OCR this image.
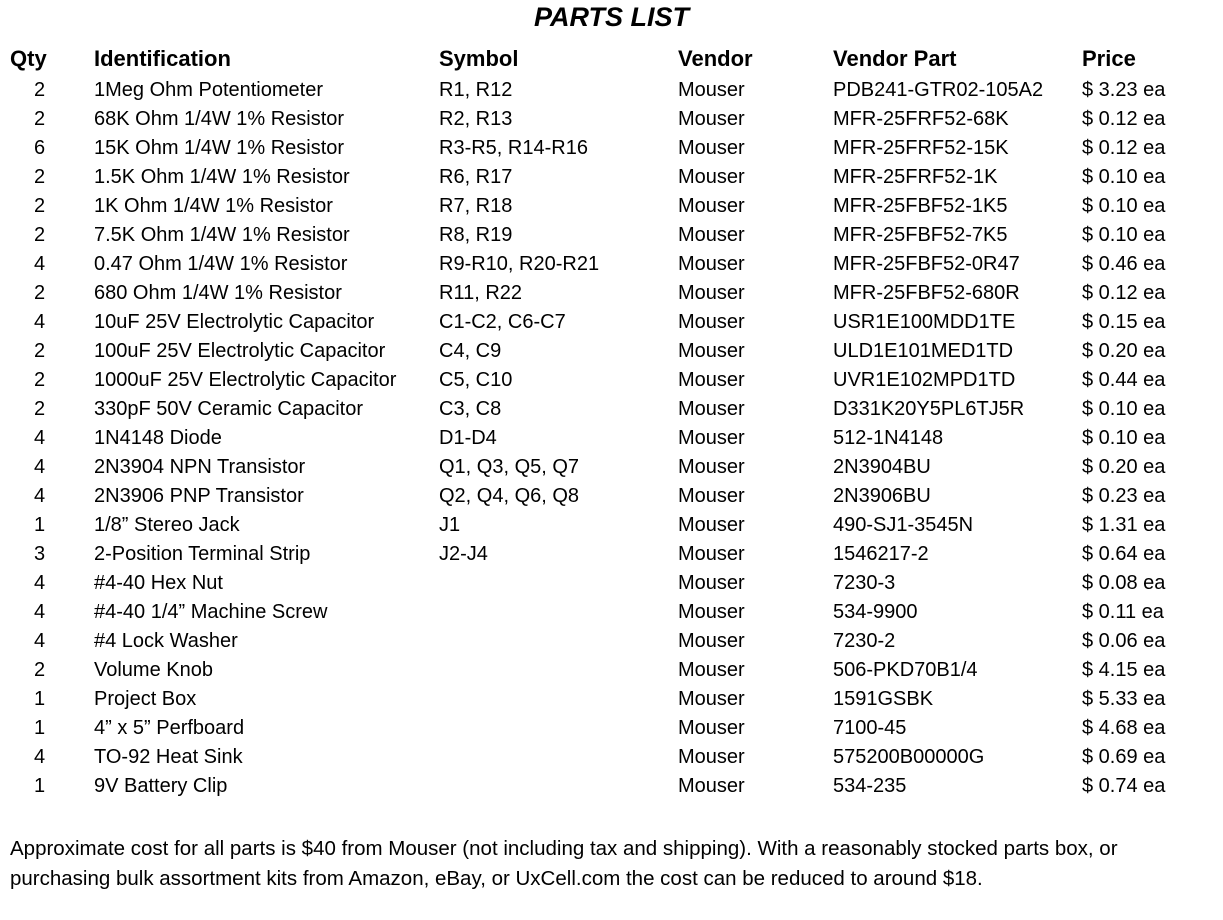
PARTS LIST
Qty	Identification	Symbol	Vendor	Vendor Part	Price
2	1Meg Ohm Potentiometer	R1, R12	Mouser	PDB241-GTR02-105A2	$ 3.23 ea
2	68K Ohm 1/4W 1% Resistor	R2, R13	Mouser	MFR-25FRF52-68K	$ 0.12 ea
6	15K Ohm 1/4W 1% Resistor	R3-R5, R14-R16	Mouser	MFR-25FRF52-15K	$ 0.12 ea
2	1.5K Ohm 1/4W 1% Resistor	R6, R17	Mouser	MFR-25FRF52-1K	$ 0.10 ea
2	1K Ohm 1/4W 1% Resistor	R7, R18	Mouser	MFR-25FBF52-1K5	$ 0.10 ea
2	7.5K Ohm 1/4W 1% Resistor	R8, R19	Mouser	MFR-25FBF52-7K5	$ 0.10 ea
4	0.47 Ohm 1/4W 1% Resistor	R9-R10, R20-R21	Mouser	MFR-25FBF52-0R47	$ 0.46 ea
2	680 Ohm 1/4W 1% Resistor	R11, R22	Mouser	MFR-25FBF52-680R	$ 0.12 ea
4	10uF 25V Electrolytic Capacitor	C1-C2, C6-C7	Mouser	USR1E100MDD1TE	$ 0.15 ea
2	100uF 25V Electrolytic Capacitor	C4, C9	Mouser	ULD1E101MED1TD	$ 0.20 ea
2	1000uF 25V Electrolytic Capacitor	C5, C10	Mouser	UVR1E102MPD1TD	$ 0.44 ea
2	330pF 50V Ceramic Capacitor	C3, C8	Mouser	D331K20Y5PL6TJ5R	$ 0.10 ea
4	1N4148 Diode	D1-D4	Mouser	512-1N4148	$ 0.10 ea
4	2N3904 NPN Transistor	Q1, Q3, Q5, Q7	Mouser	2N3904BU	$ 0.20 ea
4	2N3906 PNP Transistor	Q2, Q4, Q6, Q8	Mouser	2N3906BU	$ 0.23 ea
1	1/8” Stereo Jack	J1	Mouser	490-SJ1-3545N	$ 1.31 ea
3	2-Position Terminal Strip	J2-J4	Mouser	1546217-2	$ 0.64 ea
4	#4-40 Hex Nut		Mouser	7230-3	$ 0.08 ea
4	#4-40 1/4” Machine Screw		Mouser	534-9900	$ 0.11 ea
4	#4 Lock Washer		Mouser	7230-2	$ 0.06 ea
2	Volume Knob		Mouser	506-PKD70B1/4	$ 4.15 ea
1	Project Box		Mouser	1591GSBK	$ 5.33 ea
1	4” x 5” Perfboard		Mouser	7100-45	$ 4.68 ea
4	TO-92 Heat Sink		Mouser	575200B00000G	$ 0.69 ea
1	9V Battery Clip		Mouser	534-235	$ 0.74 ea
Approximate cost for all parts is $40 from Mouser (not including tax and shipping). With a reasonably stocked parts box, or
purchasing bulk assortment kits from Amazon, eBay, or UxCell.com the cost can be reduced to around $18.
